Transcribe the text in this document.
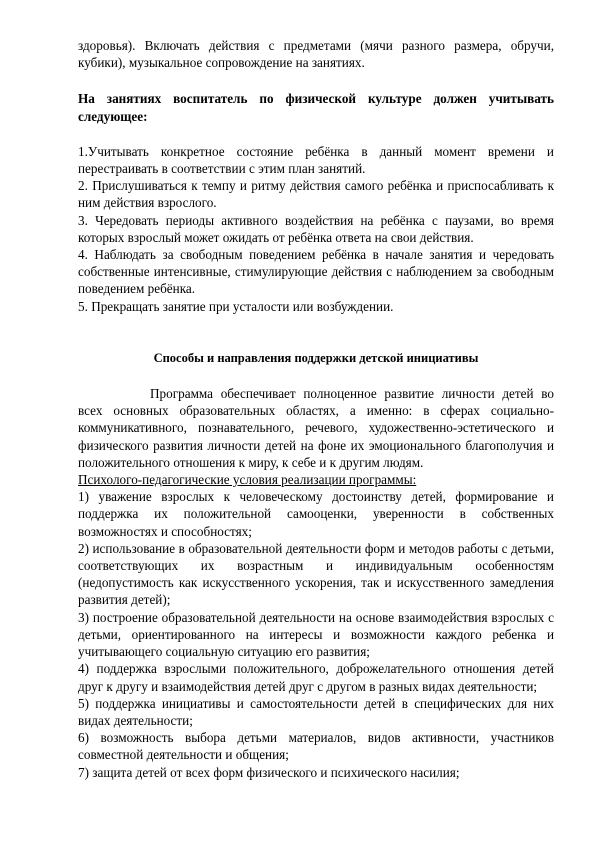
здоровья). Включать действия с предметами (мячи разного размера, обручи, кубики), музыкальное сопровождение на занятиях.

На занятиях воспитатель по физической культуре должен учитывать следующее:

1.Учитывать конкретное состояние ребёнка в данный момент времени и перестраивать в соответствии с этим план занятий.

2. Прислушиваться к темпу и ритму действия самого ребёнка и приспосабливать к ним действия взрослого.

3. Чередовать периоды активного воздействия на ребёнка с паузами, во время которых взрослый может ожидать от ребёнка ответа на свои действия.

4. Наблюдать за свободным поведением ребёнка в начале занятия и чередовать собственные интенсивные, стимулирующие действия с наблюдением за свободным поведением ребёнка.

5. Прекращать занятие при усталости или возбуждении.

Способы и направления поддержки детской инициативы

Программа обеспечивает полноценное развитие личности детей во всех основных образовательных областях, а именно: в сферах социально-коммуникативного, познавательного, речевого, художественно-эстетического и физического развития личности детей на фоне их эмоционального благополучия и положительного отношения к миру, к себе и к другим людям.

Психолого-педагогические условия реализации программы:

1) уважение взрослых к человеческому достоинству детей, формирование и поддержка их положительной самооценки, уверенности в собственных возможностях и способностях;

2) использование в образовательной деятельности форм и методов работы с детьми, соответствующих их возрастным и индивидуальным особенностям (недопустимость как искусственного ускорения, так и искусственного замедления развития детей);

3) построение образовательной деятельности на основе взаимодействия взрослых с детьми, ориентированного на интересы и возможности каждого ребенка и учитывающего социальную ситуацию его развития;

4) поддержка взрослыми положительного, доброжелательного отношения детей друг к другу и взаимодействия детей друг с другом в разных видах деятельности;

5) поддержка инициативы и самостоятельности детей в специфических для них видах деятельности;

6) возможность выбора детьми материалов, видов активности, участников совместной деятельности и общения;

7) защита детей от всех форм физического и психического насилия;
